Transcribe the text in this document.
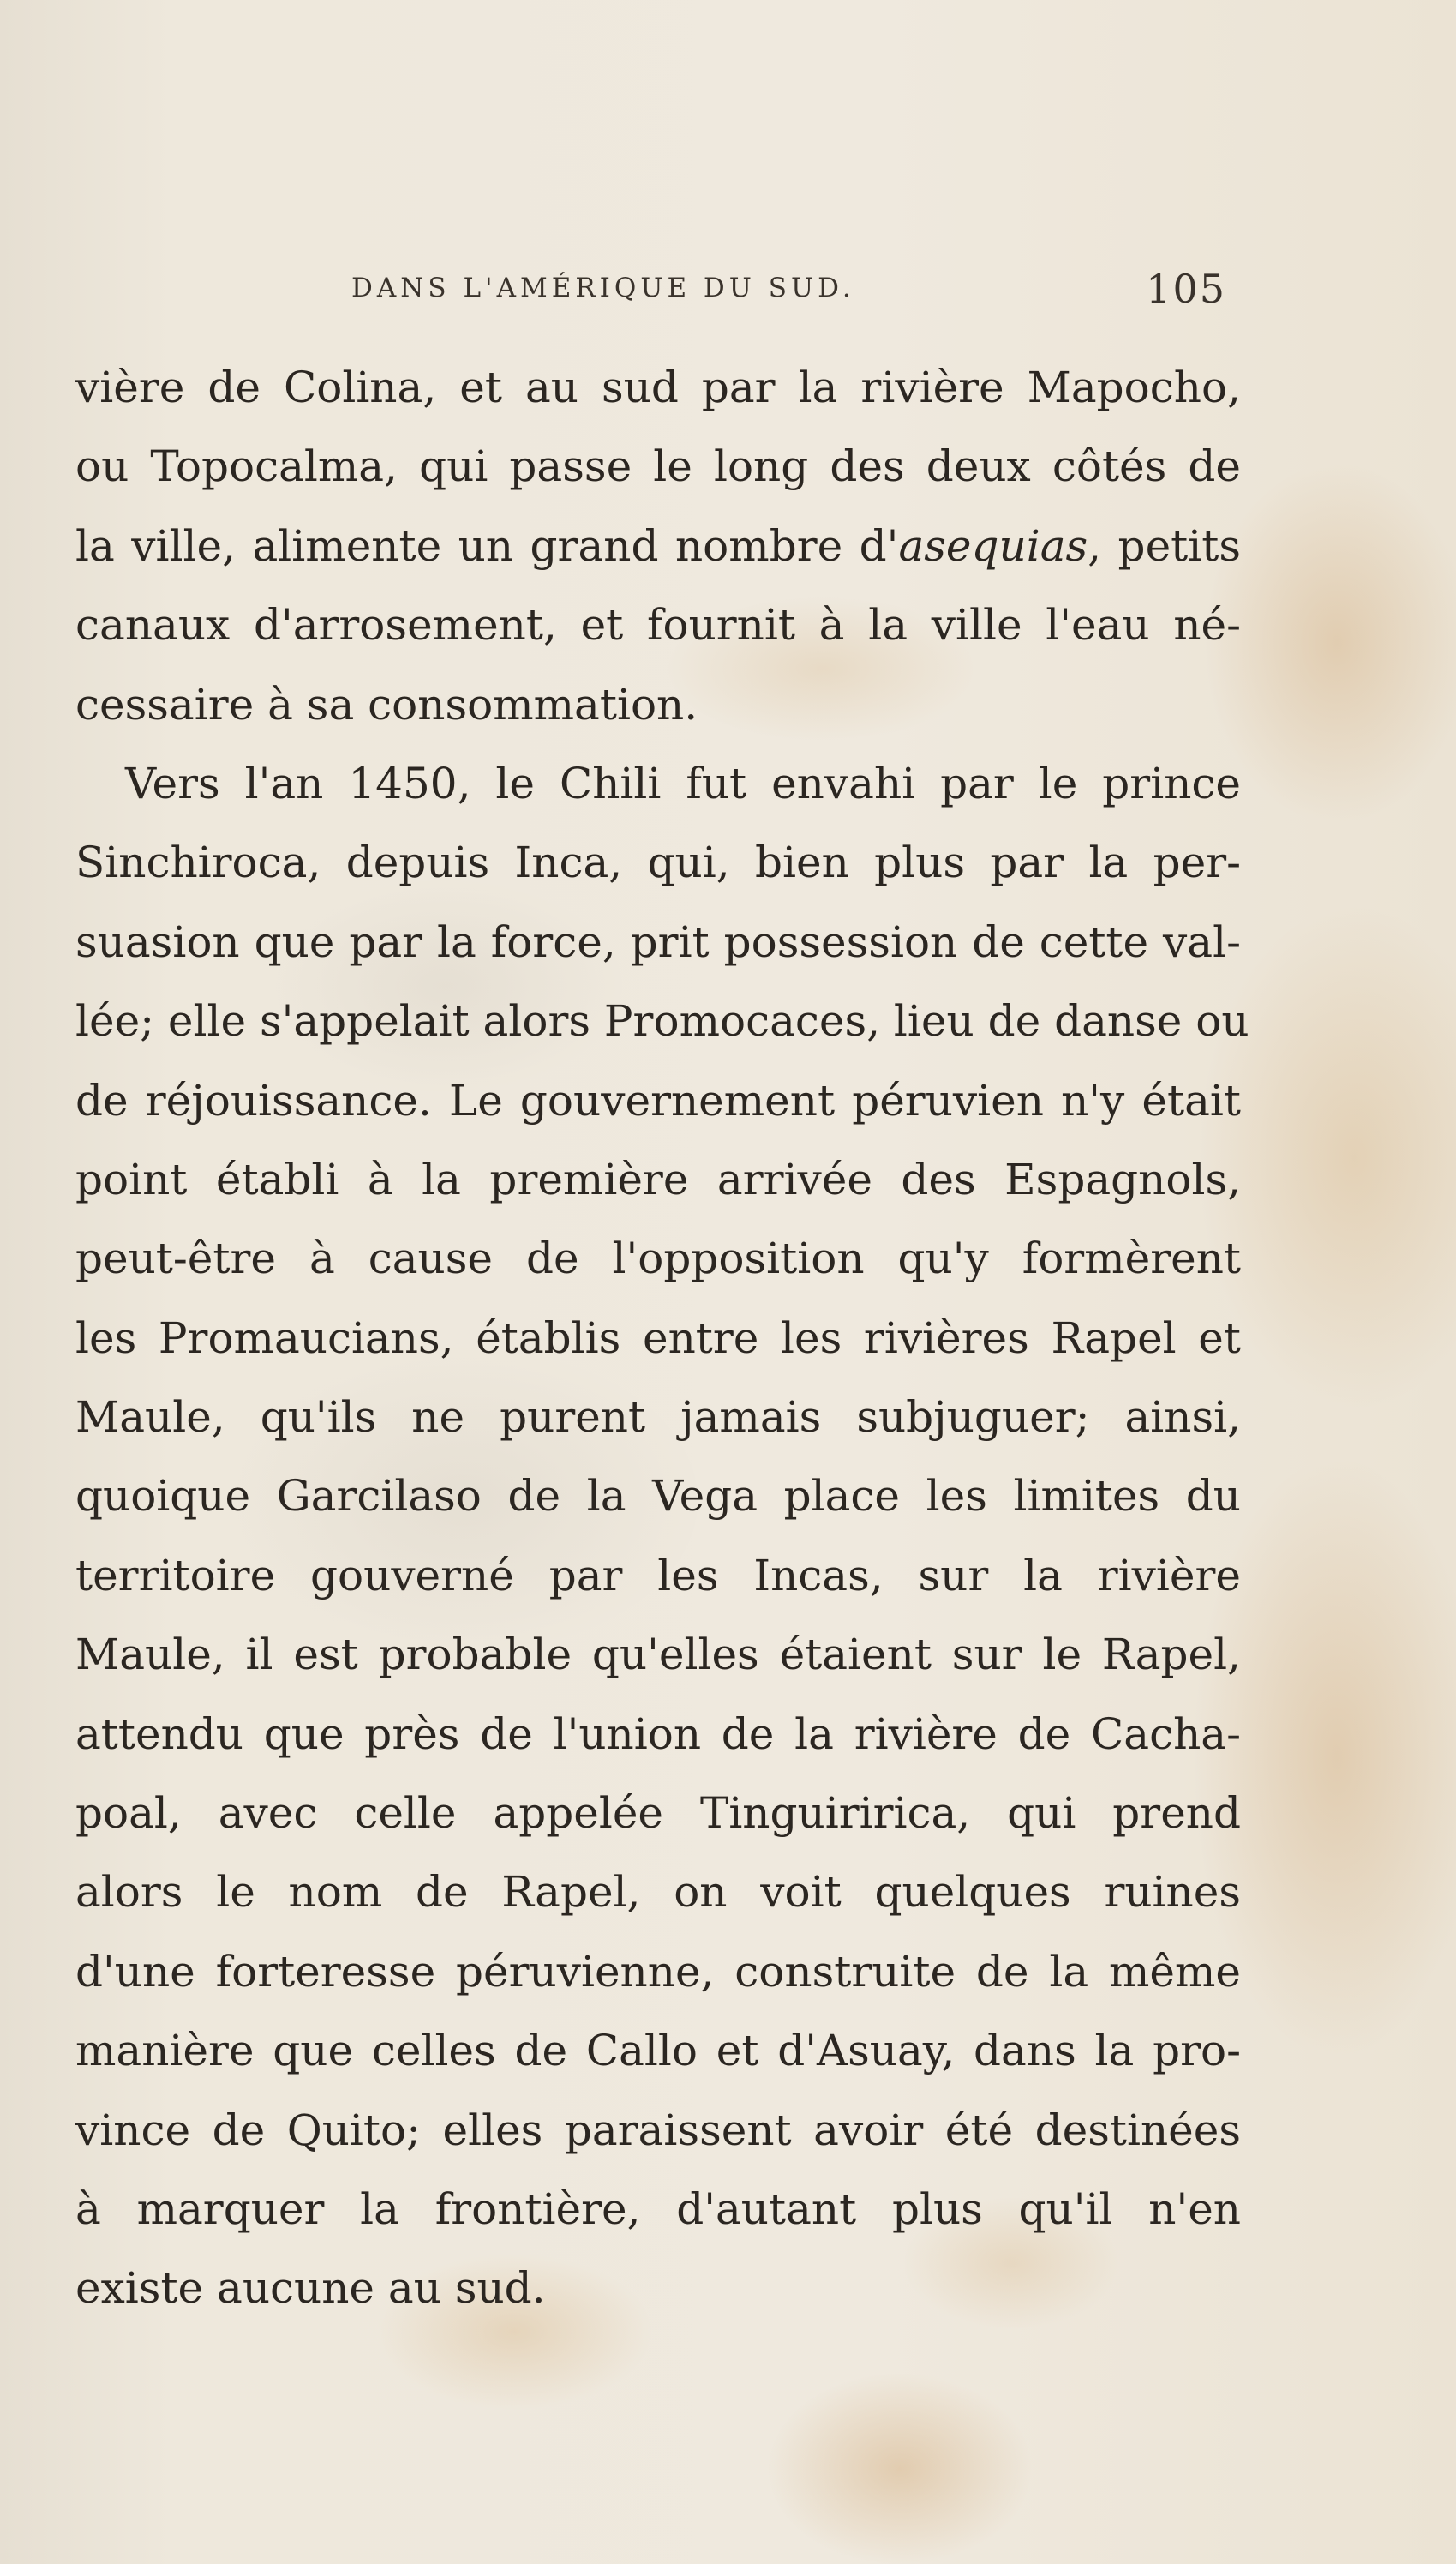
DANS L'AMÉRIQUE DU SUD.	105
vière de Colina, et au sud par la rivière Mapocho,
ou Topocalma, qui passe le long des deux côtés de
la ville, alimente un grand nombre d'asequias, petits
canaux d'arrosement, et fournit à la ville l'eau né-
cessaire à sa consommation.
Vers l'an 1450, le Chili fut envahi par le prince
Sinchiroca, depuis Inca, qui, bien plus par la per-
suasion que par la force, prit possession de cette val-
lée; elle s'appelait alors Promocaces, lieu de danse ou
de réjouissance. Le gouvernement péruvien n'y était
point établi à la première arrivée des Espagnols,
peut-être à cause de l'opposition qu'y formèrent
les Promaucians, établis entre les rivières Rapel et
Maule, qu'ils ne purent jamais subjuguer; ainsi,
quoique Garcilaso de la Vega place les limites du
territoire gouverné par les Incas, sur la rivière
Maule, il est probable qu'elles étaient sur le Rapel,
attendu que près de l'union de la rivière de Cacha-
poal, avec celle appelée Tinguiririca, qui prend
alors le nom de Rapel, on voit quelques ruines
d'une forteresse péruvienne, construite de la même
manière que celles de Callo et d'Asuay, dans la pro-
vince de Quito; elles paraissent avoir été destinées
à marquer la frontière, d'autant plus qu'il n'en
existe aucune au sud.
